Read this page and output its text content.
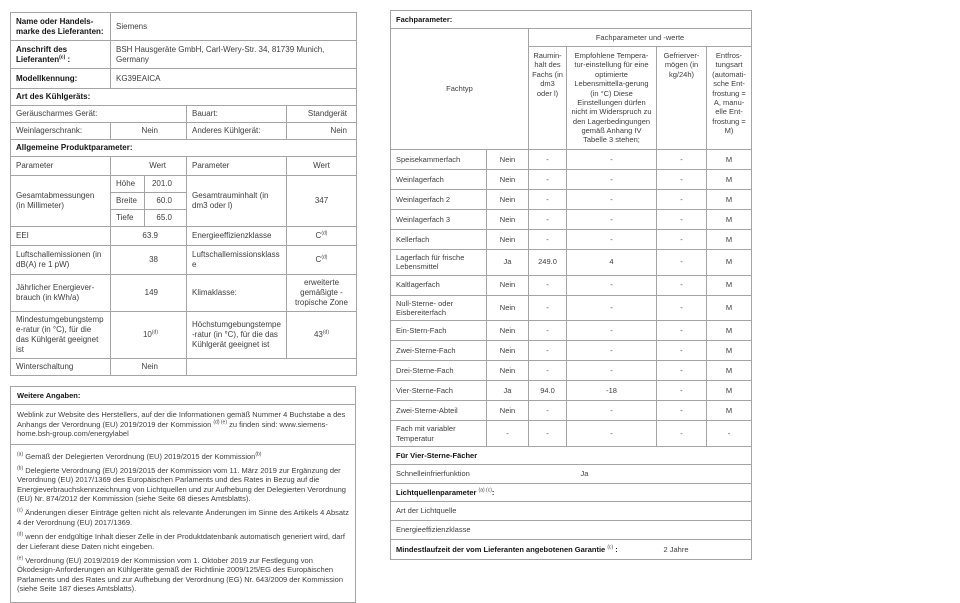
Name oder Handels-marke des Lieferanten:	Siemens			
Anschrift des Lieferanten$^{(c)}$ :	BSH Hausgeräte GmbH, Carl-Wery-Str. 34, 81739 Munich, Germany			
Modellkennung:	KG39EAICA			
Art des Kühlgeräts:				
Geräuscharmes Gerät:			Bauart:	Standgerät
Weinlagerschrank:	Nein		Anderes Kühlgerät:	Nein
Allgemeine Produktparameter:				
Parameter	Wert		Parameter	Wert
Gesamtabmessungen (in Millimeter)	Höhe	201.0	Gesamtrauminhalt (in dm3 oder l)	347
	Breite	60.0		
	Tiefe	65.0		
EEI	63.9		Energieeffizienzklasse	$C^{(d)}$
Luftschallemissionen (in dB(A) re 1 pW)	38		Luftschallemissionsklasse	$C^{(d)}$
Jährlicher Energiever-brauch (in kWh/a)	149		Klimaklasse:	erweiterte gemäßigte - tropische Zone
Mindestumgebungstempe-ratur (in °C), für die das Kühlgerät geeignet ist	10$^{(d)}$		Höchstumgebungstempe-ratur (in °C), für die das Kühlgerät geeignet ist	43$^{(d)}$
Winterschaltung	Nein			
Weitere Angaben:
Weblink zur Website des Herstellers, auf der die Informationen gemäß Nummer 4 Buchstabe a des Anhangs der Verordnung (EU) 2019/2019 der Kommission $^{(d) (e)}$ zu finden sind: www.siemens-home.bsh-group.com/energylabel

$^{(a)}$ Gemäß der Delegierten Verordnung (EU) 2019/2015 der Kommission$^{(b)}$

$^{(b)}$ Delegierte Verordnung (EU) 2019/2015 der Kommission vom 11. März 2019 zur Ergänzung der Verordnung (EU) 2017/1369 des Europäischen Parlaments und des Rates in Bezug auf die Energieverbrauchskennzeichnung von Lichtquellen und zur Aufhebung der Delegierten Verordnung (EU) Nr. 874/2012 der Kommission (siehe Seite 68 dieses Amtsblatts).

$^{(c)}$ Änderungen dieser Einträge gelten nicht als relevante Änderungen im Sinne des Artikels 4 Absatz 4 der Verordnung (EU) 2017/1369.

$^{(d)}$ wenn der endgültige Inhalt dieser Zelle in der Produktdatenbank automatisch generiert wird, darf der Lieferant diese Daten nicht eingeben.

$^{(e)}$ Verordnung (EU) 2019/2019 der Kommission vom 1. Oktober 2019 zur Festlegung von Ökodesign-Anforderungen an Kühlgeräte gemäß der Richtlinie 2009/125/EG des Europäischen Parlaments und des Rates und zur Aufhebung der Verordnung (EG) Nr. 643/2009 der Kommission (siehe Seite 187 dieses Amtsblatts).

Fachparameter:					
Fachtyp		Fachparameter und -werte			
		Raumin-halt des Fachs (in dm3 oder l)	Empfohlene Tempera-tur-einstellung für eine optimierte Lebensmittella-gerung (in °C) Diese Einstellungen dürfen nicht im Widerspruch zu den Lagerbedingungen gemäß Anhang IV Tabelle 3 stehen;	Gefrierver-mögen (in kg/24h)	Entfros-tungsart (automati-sche Ent-frostung = A, manu-elle Ent-frostung = M)
Speisekammerfach	Nein	-	-	-	M
Weinlagerfach	Nein	-	-	-	M
Weinlagerfach 2	Nein	-	-	-	M
Weinlagerfach 3	Nein	-	-	-	M
Kellerfach	Nein	-	-	-	M
Lagerfach für frische Lebensmittel	Ja	249.0	4	-	M
Kaltlagerfach	Nein	-	-	-	M
Null-Sterne- oder Eisbereiterfach	Nein	-	-	-	M
Ein-Stern-Fach	Nein	-	-	-	M
Zwei-Sterne-Fach	Nein	-	-	-	M
Drei-Sterne-Fach	Nein	-	-	-	M
Vier-Sterne-Fach	Ja	94.0	-18	-	M
Zwei-Sterne-Abteil	Nein	-	-	-	M
Fach mit variabler Temperatur	-	-	-	-	-
Für Vier-Sterne-Fächer					
Schnelleinfrierfunktion			Ja		
Lichtquellenparameter $^{(a) (c)}$:					
Art der Lichtquelle					
Energieeffizienzklasse					
Mindestlaufzeit der vom Lieferanten angebotenen Garantie $^{(c)}$ :				2 Jahre	
